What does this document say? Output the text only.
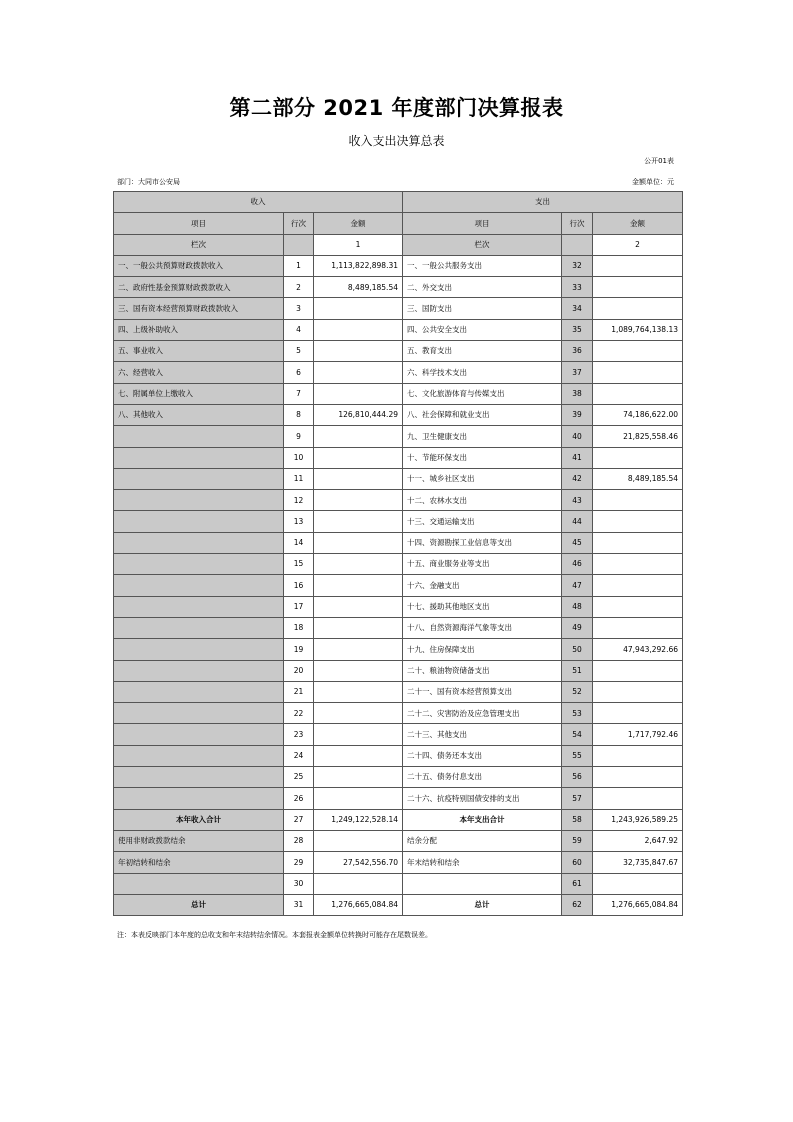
第二部分 2021 年度部门决算报表
收入支出决算总表
公开01表
部门：大同市公安局	金额单位：元
收入			支出		
项目	行次	金额	项目	行次	金额
栏次		1	栏次		2
一、一般公共预算财政拨款收入	1	1,113,822,898.31	一、一般公共服务支出	32	
二、政府性基金预算财政拨款收入	2	8,489,185.54	二、外交支出	33	
三、国有资本经营预算财政拨款收入	3		三、国防支出	34	
四、上级补助收入	4		四、公共安全支出	35	1,089,764,138.13
五、事业收入	5		五、教育支出	36	
六、经营收入	6		六、科学技术支出	37	
七、附属单位上缴收入	7		七、文化旅游体育与传媒支出	38	
八、其他收入	8	126,810,444.29	八、社会保障和就业支出	39	74,186,622.00
	9		九、卫生健康支出	40	21,825,558.46
	10		十、节能环保支出	41	
	11		十一、城乡社区支出	42	8,489,185.54
	12		十二、农林水支出	43	
	13		十三、交通运输支出	44	
	14		十四、资源勘探工业信息等支出	45	
	15		十五、商业服务业等支出	46	
	16		十六、金融支出	47	
	17		十七、援助其他地区支出	48	
	18		十八、自然资源海洋气象等支出	49	
	19		十九、住房保障支出	50	47,943,292.66
	20		二十、粮油物资储备支出	51	
	21		二十一、国有资本经营预算支出	52	
	22		二十二、灾害防治及应急管理支出	53	
	23		二十三、其他支出	54	1,717,792.46
	24		二十四、债务还本支出	55	
	25		二十五、债务付息支出	56	
	26		二十六、抗疫特别国债安排的支出	57	
本年收入合计	27	1,249,122,528.14	本年支出合计	58	1,243,926,589.25
使用非财政拨款结余	28		结余分配	59	2,647.92
年初结转和结余	29	27,542,556.70	年末结转和结余	60	32,735,847.67
	30			61	
总计	31	1,276,665,084.84	总计	62	1,276,665,084.84
注：本表反映部门本年度的总收支和年末结转结余情况。本套报表金额单位转换时可能存在尾数误差。
